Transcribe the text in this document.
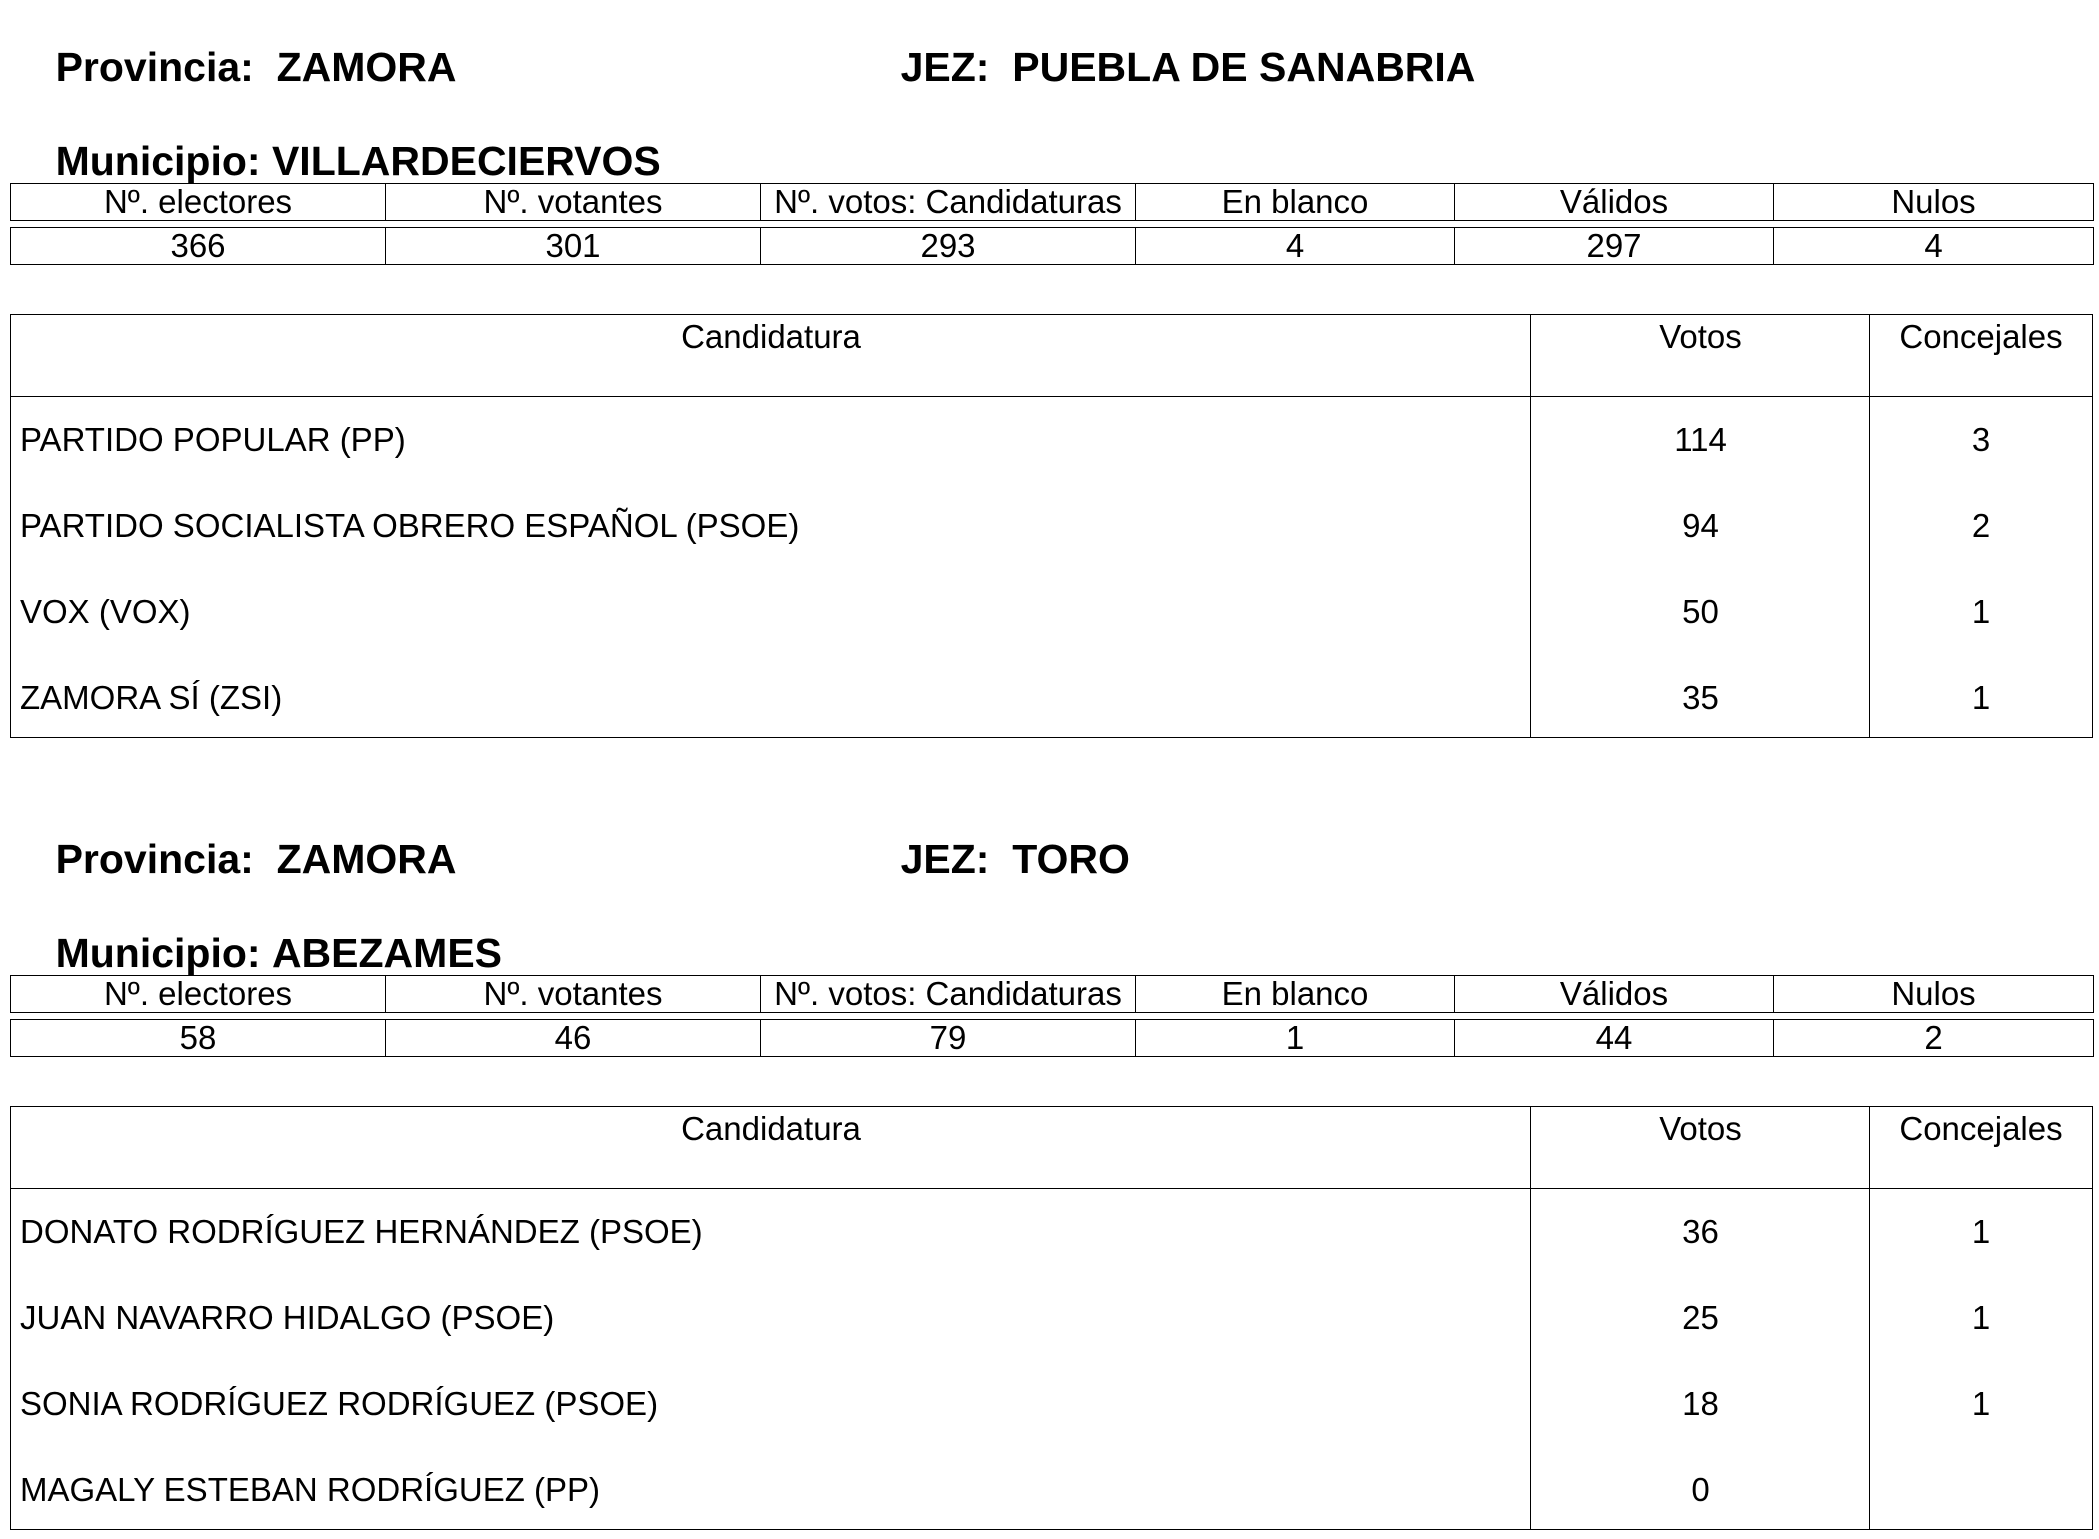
Provincia: ZAMORA
	JEZ: PUEBLA DE SANABRIA

Municipio: VILLARDECIERVOS

Nº. electores	Nº. votantes	Nº. votos: Candidaturas	En blanco	Válidos	Nulos

366	301	293	4	297	4
Candidatura	Votos	Concejales
PARTIDO POPULAR (PP)	114	3
PARTIDO SOCIALISTA OBRERO ESPAÑOL (PSOE)	94	2
VOX (VOX)	50	1
ZAMORA SÍ (ZSI)	35	1

Provincia: ZAMORA
	JEZ: TORO

Municipio: ABEZAMES

Nº. electores	Nº. votantes	Nº. votos: Candidaturas	En blanco	Válidos	Nulos

58	46	79	1	44	2
Candidatura	Votos	Concejales
DONATO RODRÍGUEZ HERNÁNDEZ (PSOE)	36	1
JUAN NAVARRO HIDALGO (PSOE)	25	1
SONIA RODRÍGUEZ RODRÍGUEZ (PSOE)	18	1
MAGALY ESTEBAN RODRÍGUEZ (PP)	0
